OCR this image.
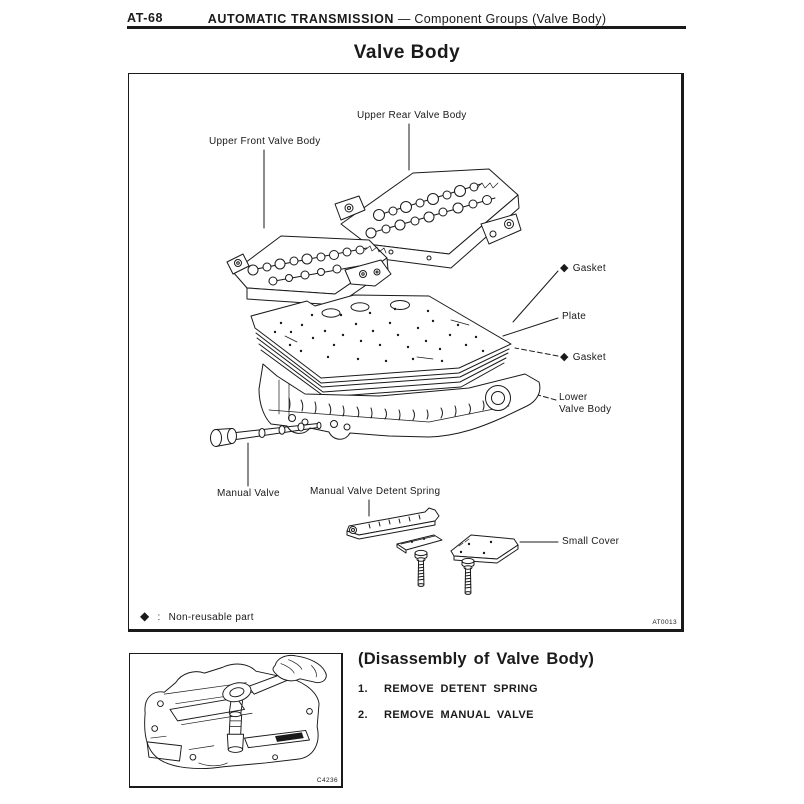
AT-68	AUTOMATIC TRANSMISSION — Component Groups (Valve Body)
Valve Body
Upper Rear Valve Body
Upper Front Valve Body
◆ Gasket
Plate
◆ Gasket
Lower
Valve Body
Manual Valve	Manual Valve Detent Spring
Small Cover
◆ : Non-reusable part	AT0013
C4236
(Disassembly of Valve Body)
1.	REMOVE DETENT SPRING
2.	REMOVE MANUAL VALVE
